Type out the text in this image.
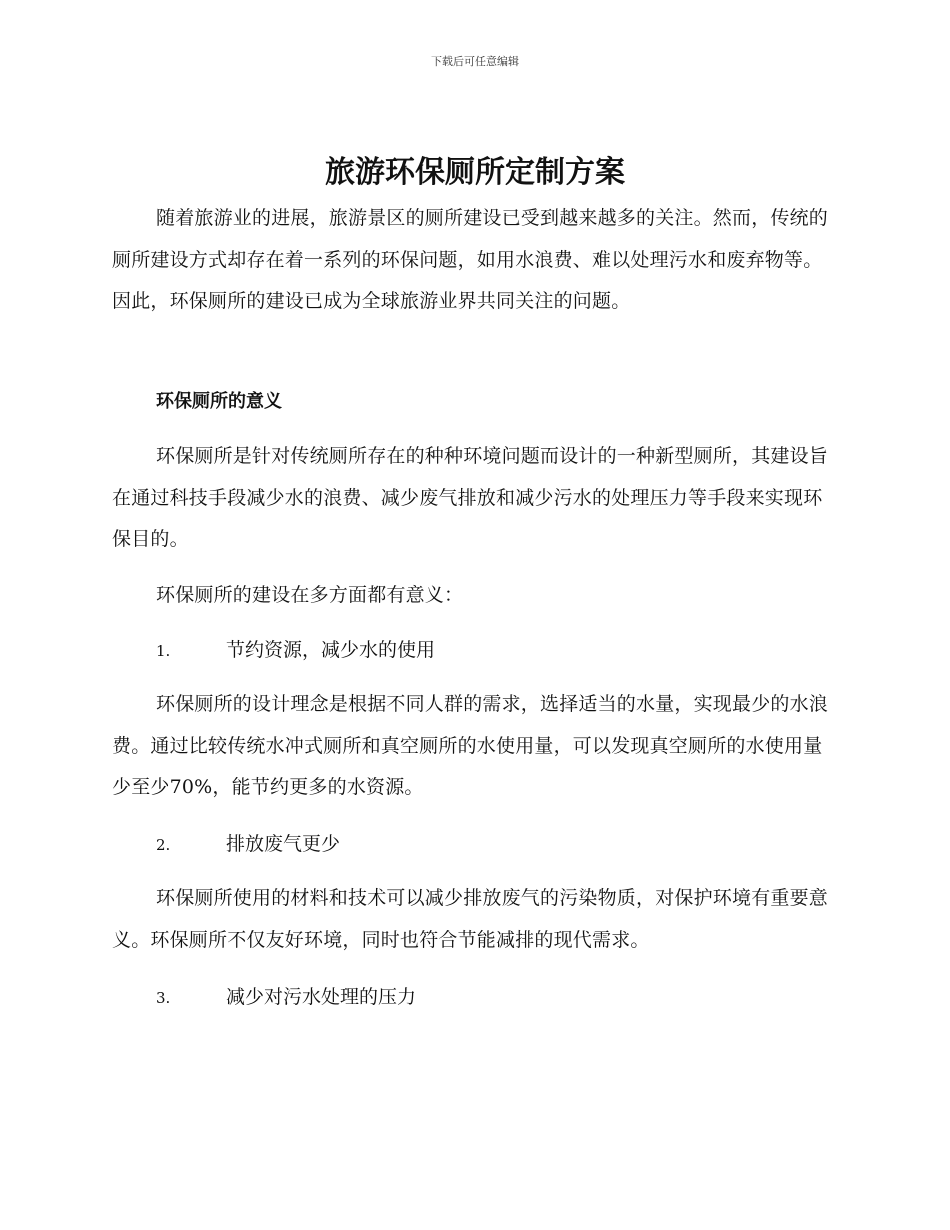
下载后可任意编辑
旅游环保厕所定制方案

随着旅游业的进展，旅游景区的厕所建设已受到越来越多的关注。然而，传统的厕所建设方式却存在着一系列的环保问题，如用水浪费、难以处理污水和废弃物等。因此，环保厕所的建设已成为全球旅游业界共同关注的问题。

环保厕所的意义

环保厕所是针对传统厕所存在的种种环境问题而设计的一种新型厕所，其建设旨在通过科技手段减少水的浪费、减少废气排放和减少污水的处理压力等手段来实现环保目的。

环保厕所的建设在多方面都有意义：

1.	节约资源，减少水的使用

环保厕所的设计理念是根据不同人群的需求，选择适当的水量，实现最少的水浪费。通过比较传统水冲式厕所和真空厕所的水使用量，可以发现真空厕所的水使用量少至少70%，能节约更多的水资源。

2.	排放废气更少

环保厕所使用的材料和技术可以减少排放废气的污染物质，对保护环境有重要意义。环保厕所不仅友好环境，同时也符合节能减排的现代需求。

3.	减少对污水处理的压力
